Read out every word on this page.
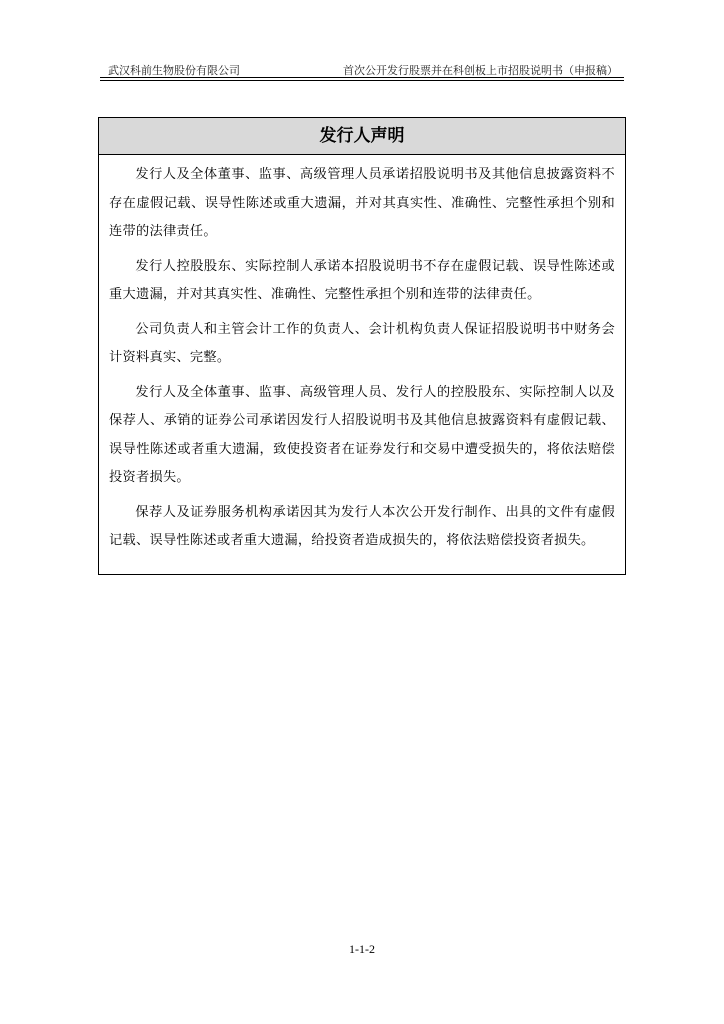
武汉科前生物股份有限公司	首次公开发行股票并在科创板上市招股说明书（申报稿）
发行人声明

发行人及全体董事、监事、高级管理人员承诺招股说明书及其他信息披露资料不存在虚假记载、误导性陈述或重大遗漏，并对其真实性、准确性、完整性承担个别和连带的法律责任。

发行人控股股东、实际控制人承诺本招股说明书不存在虚假记载、误导性陈述或重大遗漏，并对其真实性、准确性、完整性承担个别和连带的法律责任。

公司负责人和主管会计工作的负责人、会计机构负责人保证招股说明书中财务会计资料真实、完整。

发行人及全体董事、监事、高级管理人员、发行人的控股股东、实际控制人以及保荐人、承销的证券公司承诺因发行人招股说明书及其他信息披露资料有虚假记载、误导性陈述或者重大遗漏，致使投资者在证券发行和交易中遭受损失的，将依法赔偿投资者损失。

保荐人及证券服务机构承诺因其为发行人本次公开发行制作、出具的文件有虚假记载、误导性陈述或者重大遗漏，给投资者造成损失的，将依法赔偿投资者损失。

1-1-2
